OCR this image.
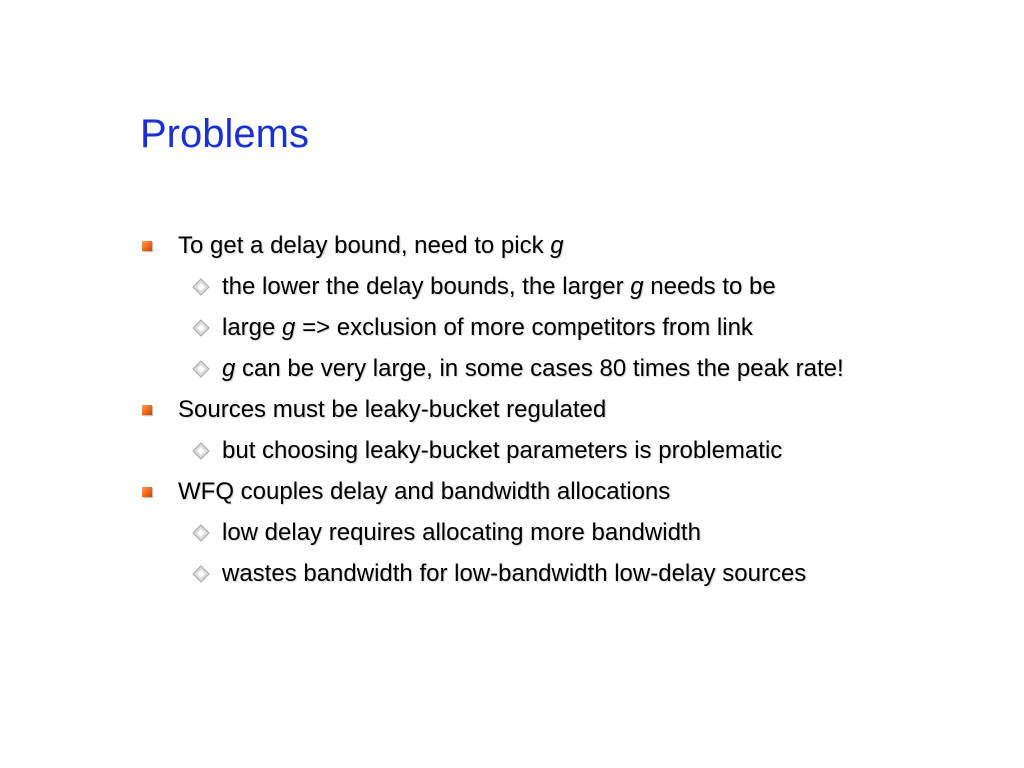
Problems
To get a delay bound, need to pick g
the lower the delay bounds, the larger g needs to be
large g => exclusion of more competitors from link
g can be very large, in some cases 80 times the peak rate!
Sources must be leaky-bucket regulated
but choosing leaky-bucket parameters is problematic
WFQ couples delay and bandwidth allocations
low delay requires allocating more bandwidth
wastes bandwidth for low-bandwidth low-delay sources
